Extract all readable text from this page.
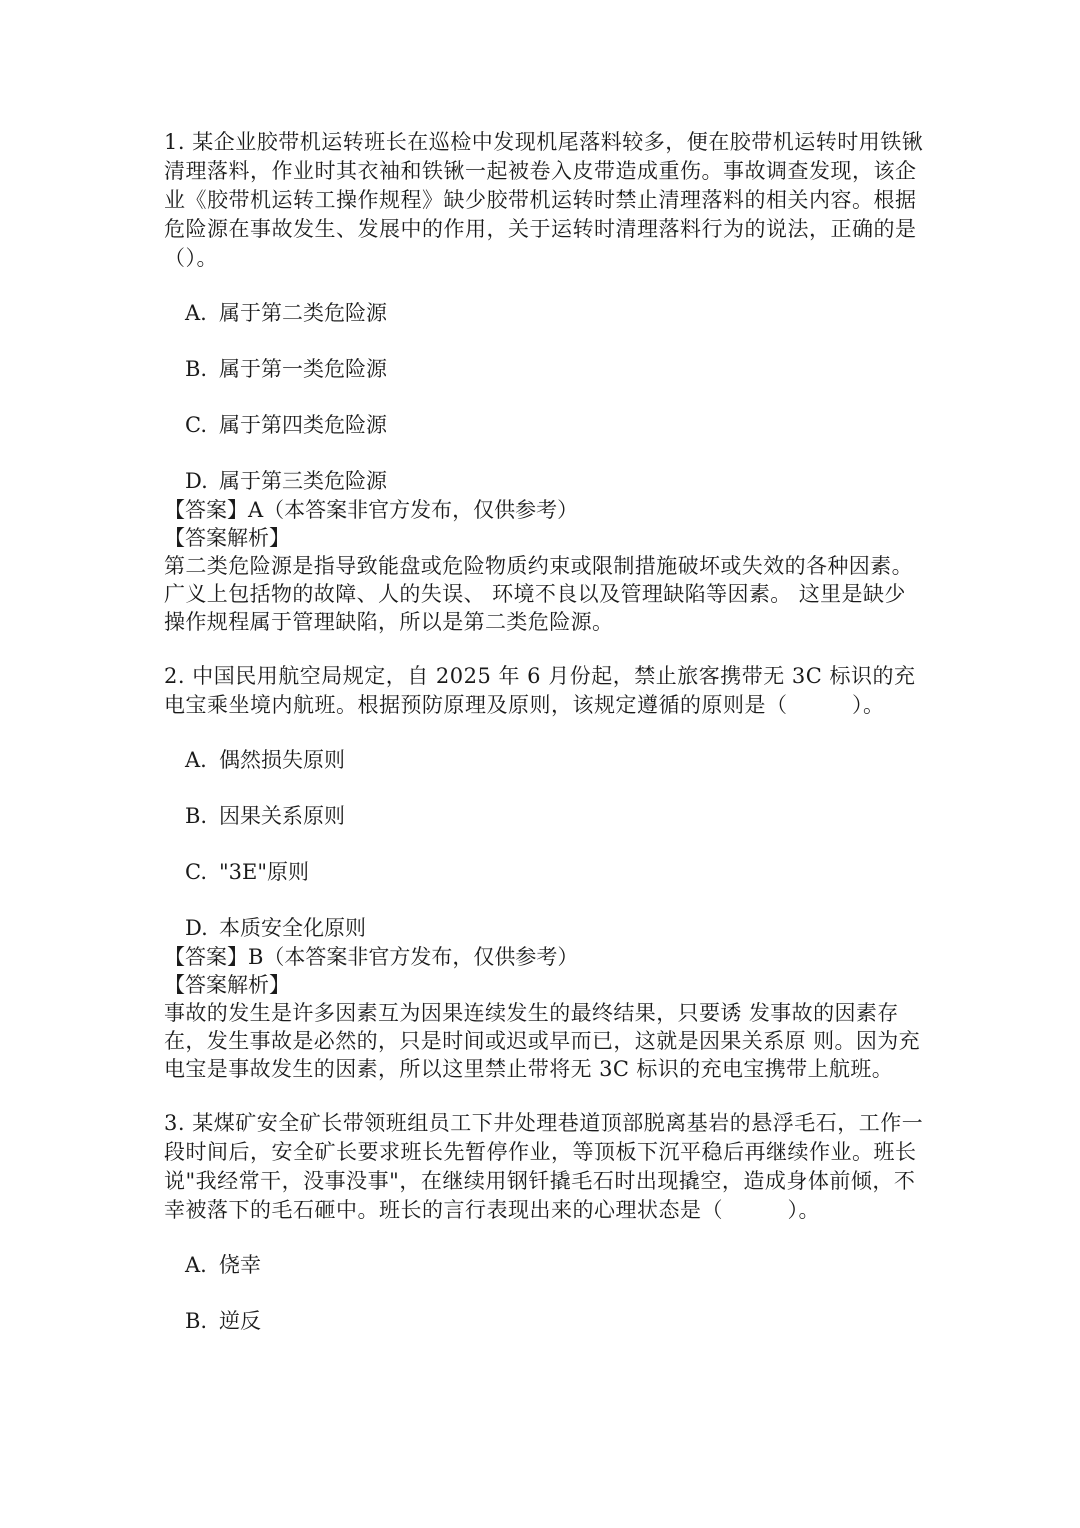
1. 某企业胶带机运转班长在巡检中发现机尾落料较多，便在胶带机运转时用铁锹清理落料，作业时其衣袖和铁锹一起被卷入皮带造成重伤。事故调查发现，该企业《胶带机运转工操作规程》缺少胶带机运转时禁止清理落料的相关内容。根据危险源在事故发生、发展中的作用，关于运转时清理落料行为的说法，正确的是（）。

A. 属于第二类危险源

B. 属于第一类危险源

C. 属于第四类危险源

D. 属于第三类危险源

【答案】A（本答案非官方发布，仅供参考）

【答案解析】

第二类危险源是指导致能盘或危险物质约束或限制措施破坏或失效的各种因素。广义上包括物的故障、人的失误、 环境不良以及管理缺陷等因素。 这里是缺少操作规程属于管理缺陷，所以是第二类危险源。

2. 中国民用航空局规定，自 2025 年 6 月份起，禁止旅客携带无 3C 标识的充电宝乘坐境内航班。根据预防原理及原则，该规定遵循的原则是（　　　）。

A. 偶然损失原则

B. 因果关系原则

C. "3E"原则

D. 本质安全化原则

【答案】B（本答案非官方发布，仅供参考）

【答案解析】

事故的发生是许多因素互为因果连续发生的最终结果，只要诱 发事故的因素存在，发生事故是必然的，只是时间或迟或早而已，这就是因果关系原 则。因为充电宝是事故发生的因素，所以这里禁止带将无 3C 标识的充电宝携带上航班。

3. 某煤矿安全矿长带领班组员工下井处理巷道顶部脱离基岩的悬浮毛石，工作一段时间后，安全矿长要求班长先暂停作业，等顶板下沉平稳后再继续作业。班长说"我经常干，没事没事"，在继续用钢钎撬毛石时出现撬空，造成身体前倾，不幸被落下的毛石砸中。班长的言行表现出来的心理状态是（　　　）。

A. 侥幸

B. 逆反
